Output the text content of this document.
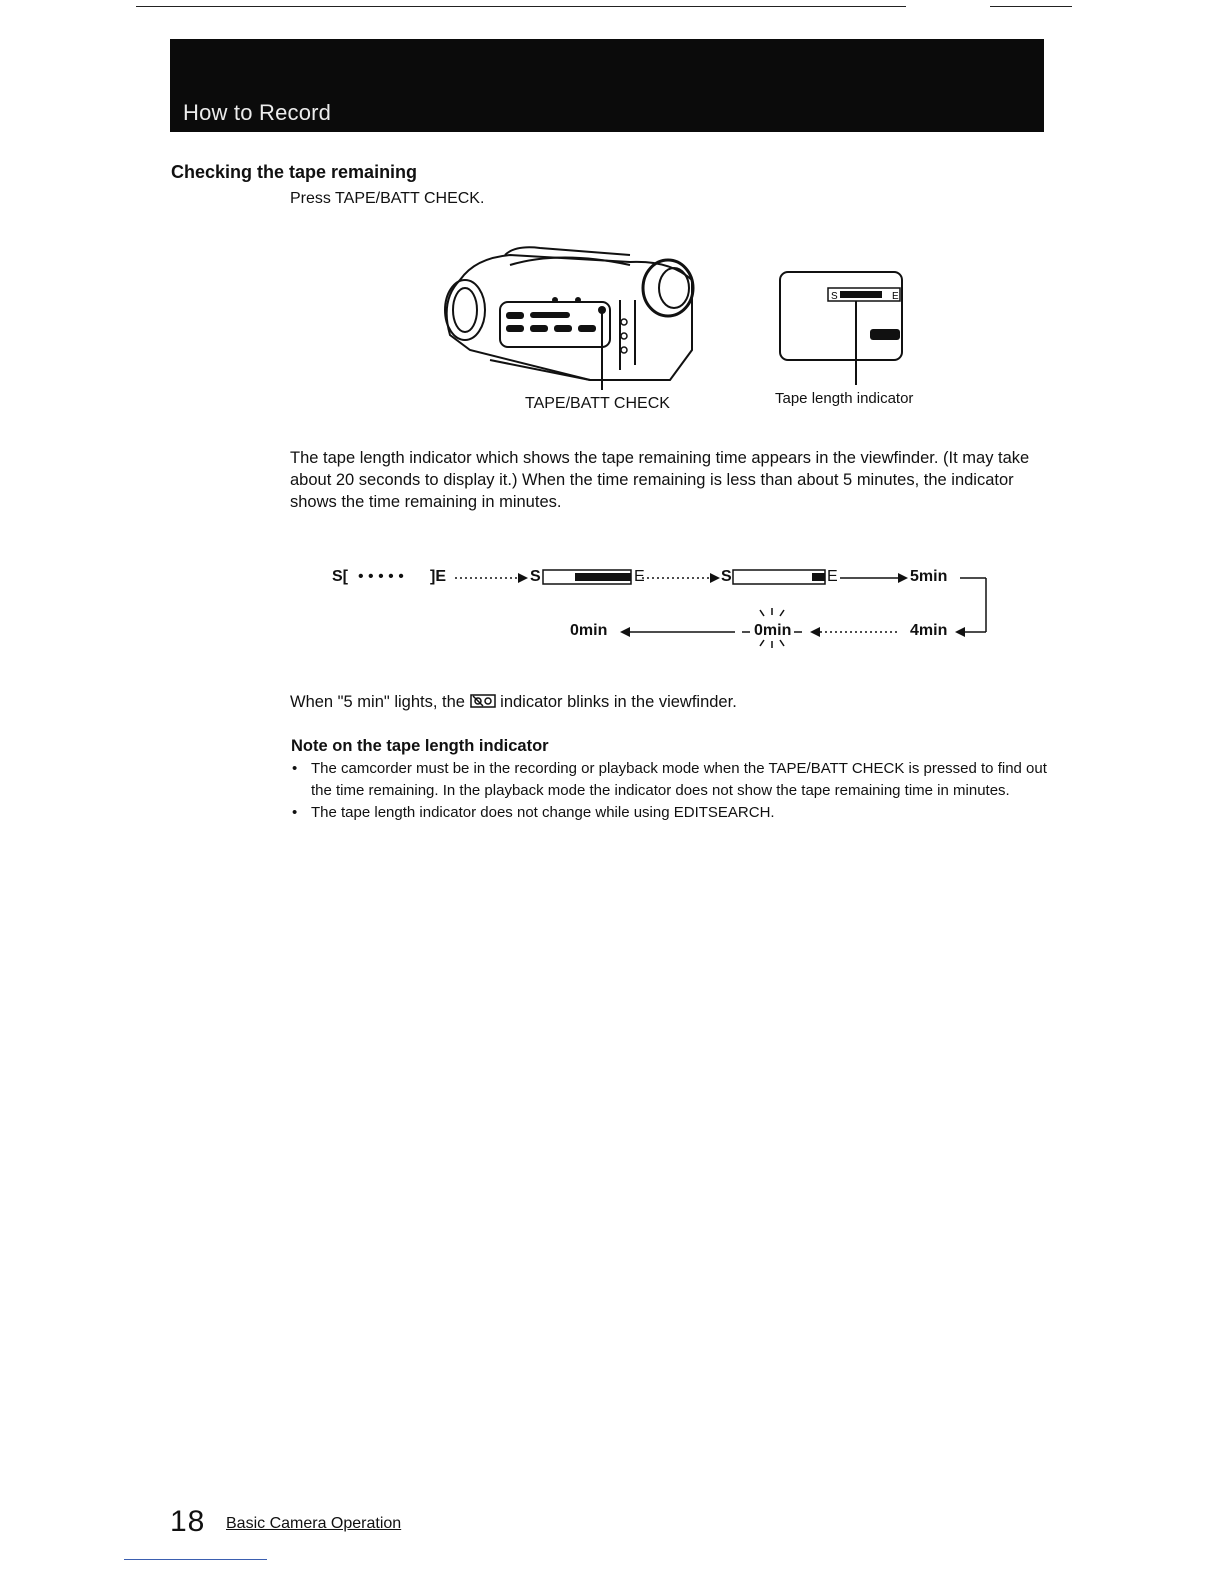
How to Record
Checking the tape remaining
Press TAPE/BATT CHECK.
S	E
TAPE/BATT CHECK	Tape length indicator
The tape length indicator which shows the tape remaining time appears in the viewfinder. (It may take about 20 seconds to display it.) When the time remaining is less than about 5 minutes, the indicator shows the time remaining in minutes.
S[ • • • • • ]E	S	E	S	E	5min
4min
0min
0min
When "5 min" lights, the indicator blinks in the viewfinder.
Note on the tape length indicator
• The camcorder must be in the recording or playback mode when the TAPE/BATT CHECK is pressed to find out the time remaining. In the playback mode the indicator does not show the tape remaining time in minutes.
• The tape length indicator does not change while using EDITSEARCH.
18 Basic Camera Operation
